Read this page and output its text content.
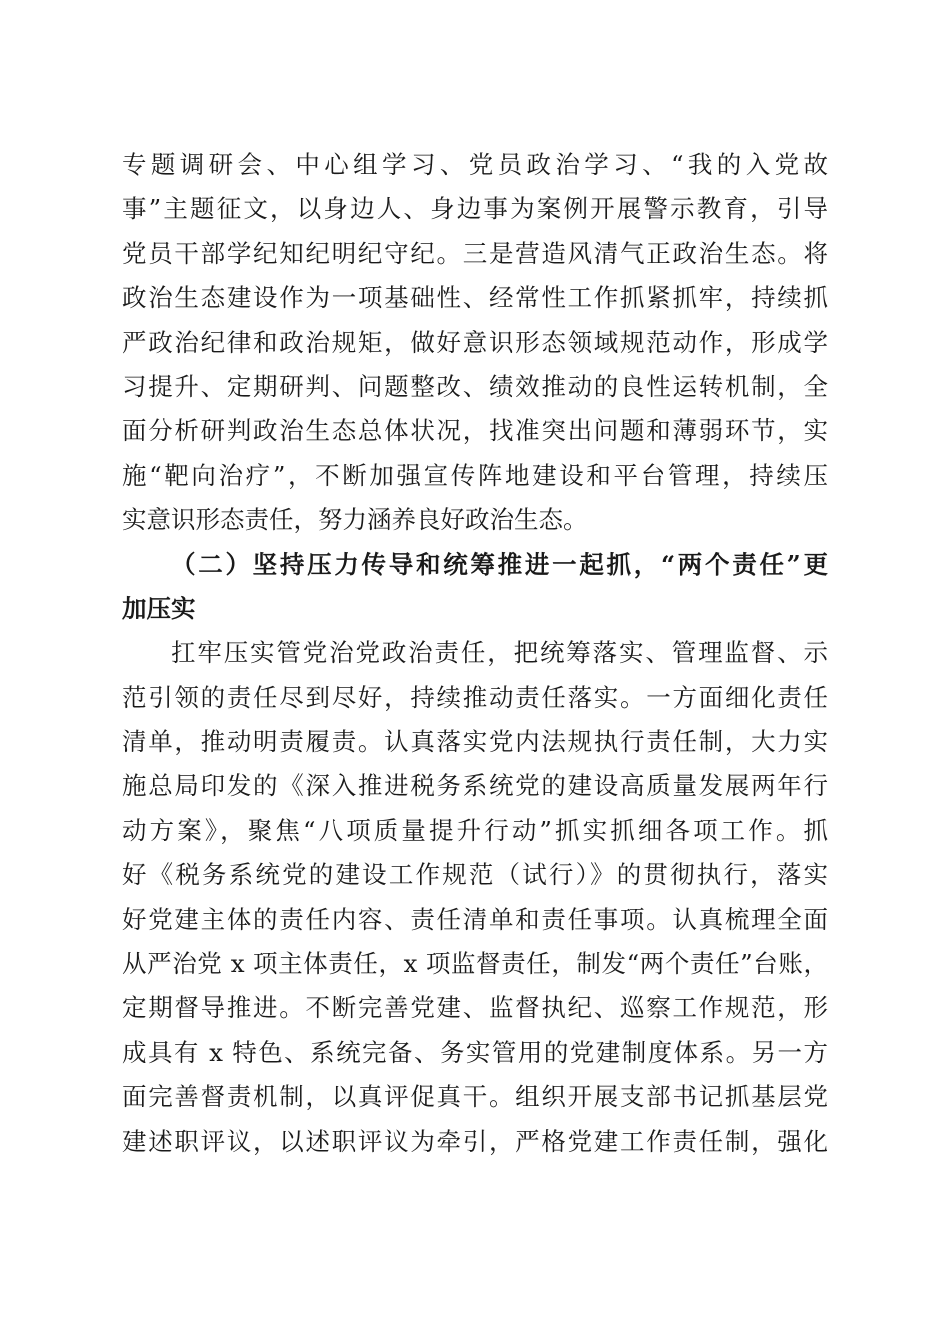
专题调研会、中心组学习、党员政治学习、“我的入党故
事”主题征文，以身边人、身边事为案例开展警示教育，引导
党员干部学纪知纪明纪守纪。三是营造风清气正政治生态。将
政治生态建设作为一项基础性、经常性工作抓紧抓牢，持续抓
严政治纪律和政治规矩，做好意识形态领域规范动作，形成学
习提升、定期研判、问题整改、绩效推动的良性运转机制，全
面分析研判政治生态总体状况，找准突出问题和薄弱环节，实
施“靶向治疗”，不断加强宣传阵地建设和平台管理，持续压
实意识形态责任，努力涵养良好政治生态。
（二）坚持压力传导和统筹推进一起抓，“两个责任”更
加压实
扛牢压实管党治党政治责任，把统筹落实、管理监督、示
范引领的责任尽到尽好，持续推动责任落实。一方面细化责任
清单，推动明责履责。认真落实党内法规执行责任制，大力实
施总局印发的《深入推进税务系统党的建设高质量发展两年行
动方案》，聚焦“八项质量提升行动”抓实抓细各项工作。抓
好《税务系统党的建设工作规范（试行）》的贯彻执行，落实
好党建主体的责任内容、责任清单和责任事项。认真梳理全面
从严治党 x 项主体责任，x 项监督责任，制发“两个责任”台账，
定期督导推进。不断完善党建、监督执纪、巡察工作规范，形
成具有 x 特色、系统完备、务实管用的党建制度体系。另一方
面完善督责机制，以真评促真干。组织开展支部书记抓基层党
建述职评议，以述职评议为牵引，严格党建工作责任制，强化
